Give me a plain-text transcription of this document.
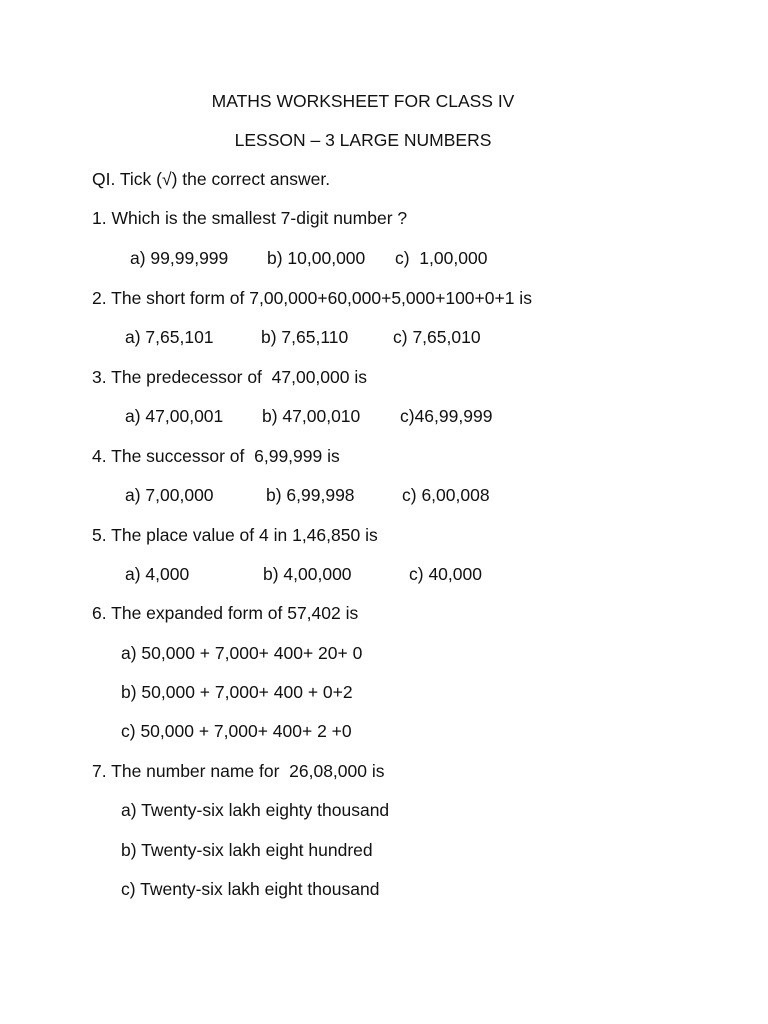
MATHS WORKSHEET FOR CLASS IV
LESSON – 3 LARGE NUMBERS
QI. Tick (√) the correct answer.
1. Which is the smallest 7-digit number ?
a) 99,99,999 b) 10,00,000 c)  1,00,000
2. The short form of 7,00,000+60,000+5,000+100+0+1 is
a) 7,65,101	b) 7,65,110	c) 7,65,010
3. The predecessor of  47,00,000 is
a) 47,00,001 b) 47,00,010 c)46,99,999
4. The successor of  6,99,999 is
a) 7,00,000	b) 6,99,998	c) 6,00,008
5. The place value of 4 in 1,46,850 is
a) 4,000	b) 4,00,000	c) 40,000
6. The expanded form of 57,402 is
a) 50,000 + 7,000+ 400+ 20+ 0
b) 50,000 + 7,000+ 400 + 0+2
c) 50,000 + 7,000+ 400+ 2 +0
7. The number name for  26,08,000 is
a) Twenty-six lakh eighty thousand
b) Twenty-six lakh eight hundred
c) Twenty-six lakh eight thousand
